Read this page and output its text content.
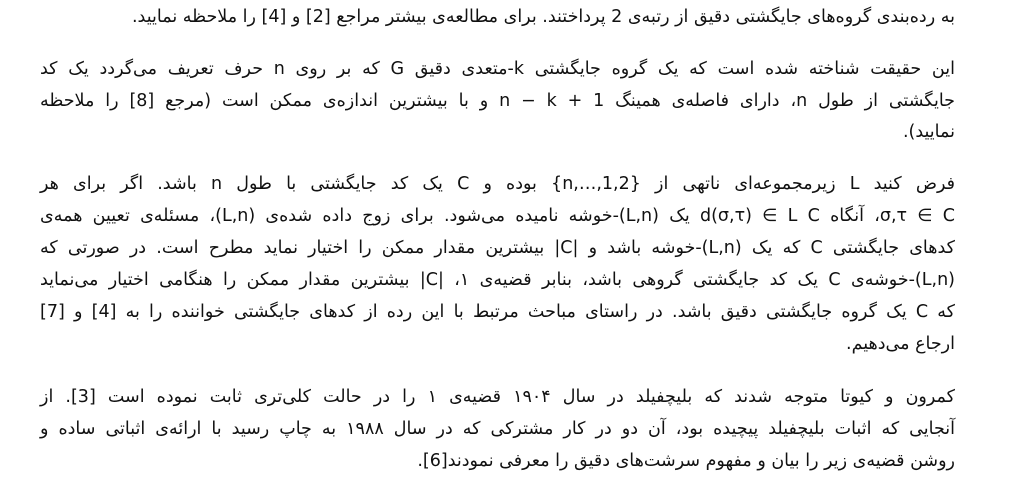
به ردەبندی گروەهای جایگشتی دقیق از رتبه‌ی 2 پرداختند. برای مطالعه‌ی بیشتر مراجع [2] و [4] را ملاحظه نمایید.
این حقیقت شناخته شده است که یک گروه جایگشتی k-متعدی دقیق G که بر روی n حرف تعریف می‌گردد یک کد
جایگشتی از طول n، دارای فاصله‌ی همینگ n − k + 1 و با بیشترین اندازه‌ی ممکن است (مرجع [8] را ملاحظه
نمایید).
فرض کنید L زیرمجموعه‌ای ناتهی از {1,2,…,n} بوده و C یک کد جایگشتی با طول n باشد. اگر برای هر
σ,τ ∈ C، آنگاه d(σ,τ) ∈ L C یک (L,n)-خوشه نامیده می‌شود. برای زوج داده شده‌ی (L,n)، مسئله‌ی تعیین همه‌ی
کدهای جایگشتی C که یک (L,n)-خوشه باشد و |C| بیشترین مقدار ممکن را اختیار نماید مطرح است. در صورتی که
(L,n)-خوشه‌ی C یک کد جایگشتی گروهی باشد، بنابر قضیه‌ی ۱، |C| بیشترین مقدار ممکن را هنگامی اختیار می‌نماید
که C یک گروه جایگشتی دقیق باشد. در راستای مباحث مرتبط با این رده از کدهای جایگشتی خواننده را به [4] و [7]
ارجاع می‌دهیم.
کمرون و کیوتا متوجه شدند که بلیچفیلد در سال ۱۹۰۴ قضیه‌ی ۱ را در حالت کلی‌تری ثابت نموده است [3]. از
آنجایی که اثبات بلیچفیلد پیچیده بود، آن دو در کار مشترکی که در سال ۱۹۸۸ به چاپ رسید با ارائه‌ی اثباتی ساده و
روشن قضیه‌ی زیر را بیان و مفهوم سرشت‌های دقیق را معرفی نمودند[6].
